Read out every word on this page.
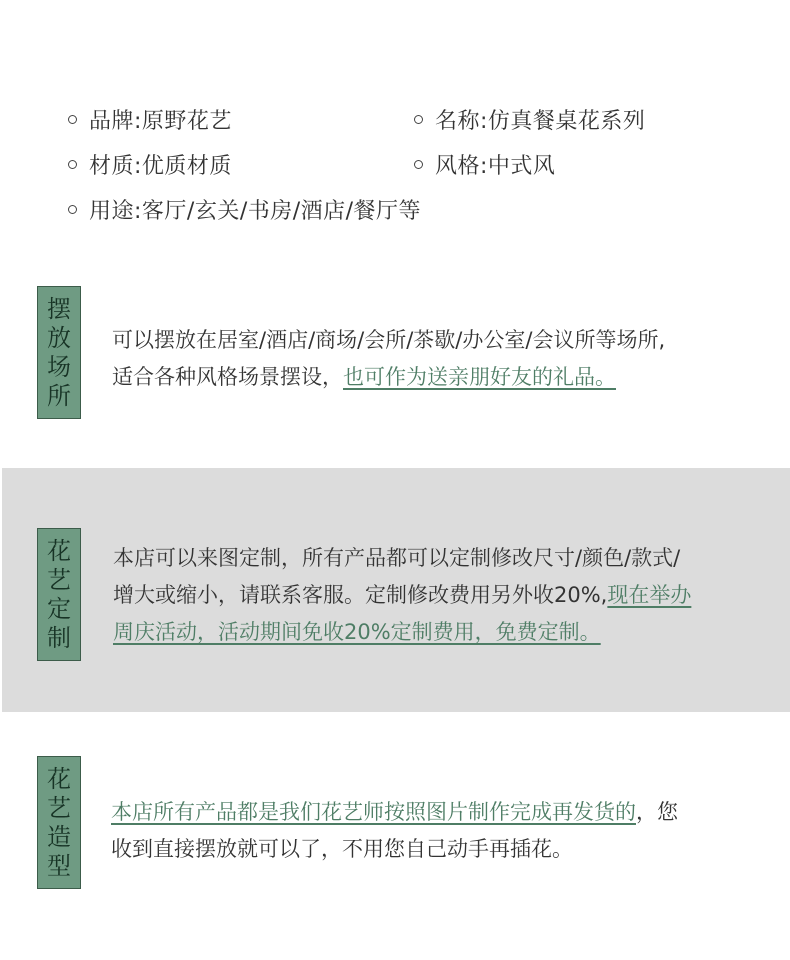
品牌:原野花艺	名称:仿真餐桌花系列
材质:优质材质	风格:中式风
用途:客厅/玄关/书房/酒店/餐厅等
摆
放
场
所
可以摆放在居室/酒店/商场/会所/茶歇/办公室/会议所等场所,
适合各种风格场景摆设，也可作为送亲朋好友的礼品。
花
艺
定
制
本店可以来图定制，所有产品都可以定制修改尺寸/颜色/款式/
增大或缩小，请联系客服。定制修改费用另外收20%,现在举办
周庆活动，活动期间免收20%定制费用，免费定制。
花
艺
造
型
本店所有产品都是我们花艺师按照图片制作完成再发货的，您
收到直接摆放就可以了，不用您自己动手再插花。
